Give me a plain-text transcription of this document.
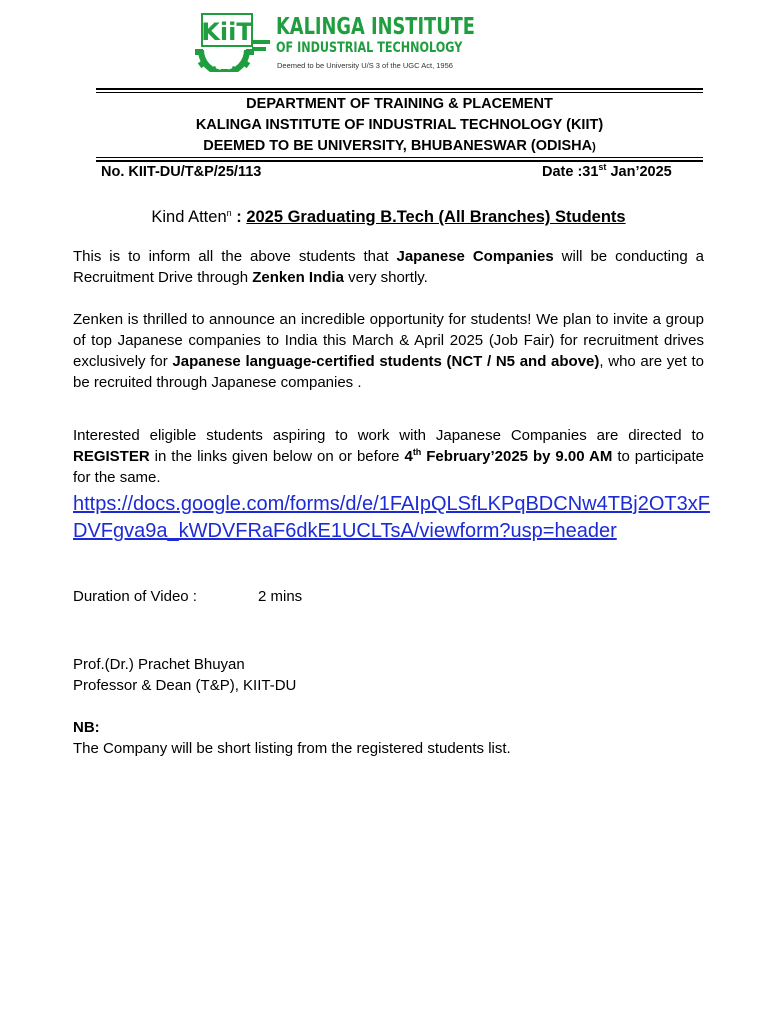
KiiT KALINGA INSTITUTE
OF INDUSTRIAL TECHNOLOGY
Deemed to be University U/S 3 of the UGC Act, 1956
DEPARTMENT OF TRAINING & PLACEMENT
KALINGA INSTITUTE OF INDUSTRIAL TECHNOLOGY (KIIT)
DEEMED TO BE UNIVERSITY, BHUBANESWAR (ODISHA)
No. KIIT-DU/T&P/25/113	Date :31st Jan’2025
Kind Atten$^n$ : 2025 Graduating B.Tech (All Branches) Students
This is to inform all the above students that Japanese Companies will be conducting a Recruitment Drive through Zenken India very shortly.
Zenken is thrilled to announce an incredible opportunity for students! We plan to invite a group of top Japanese companies to India this March & April 2025 (Job Fair) for recruitment drives exclusively for Japanese language-certified students (NCT / N5 and above), who are yet to be recruited through Japanese companies .
Interested eligible students aspiring to work with Japanese Companies are directed to REGISTER in the links given below on or before 4th February’2025 by 9.00 AM to participate for the same.
https://docs.google.com/forms/d/e/1FAIpQLSfLKPqBDCNw4TBj2OT3xFDVFgva9a_kWDVFRaF6dkE1UCLTsA/viewform?usp=header
Duration of Video :	2 mins
Prof.(Dr.) Prachet Bhuyan
Professor & Dean (T&P), KIIT-DU
NB:
The Company will be short listing from the registered students list.
